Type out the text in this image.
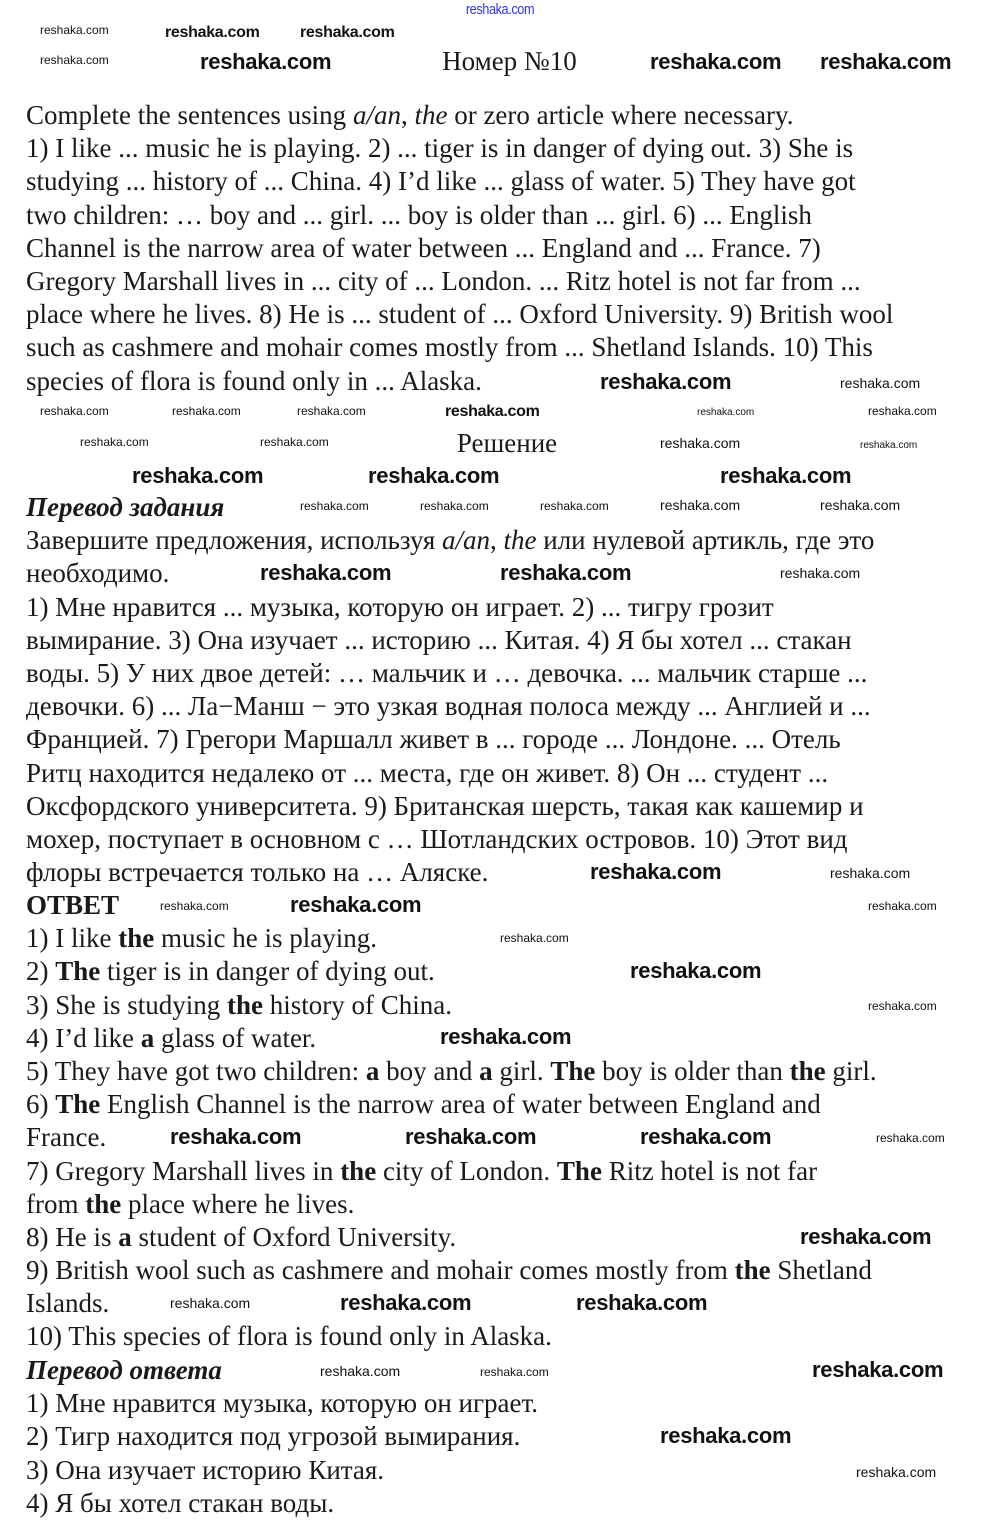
reshaka.com
Номер №10
Complete the sentences using a/an, the or zero article where necessary.
1) I like ... music he is playing. 2) ... tiger is in danger of dying out. 3) She is
studying ... history of ... China. 4) I’d like ... glass of water. 5) They have got
two children: … boy and ... girl. ... boy is older than ... girl. 6) ... English
Channel is the narrow area of water between ... England and ... France. 7)
Gregory Marshall lives in ... city of ... London. ... Ritz hotel is not far from ...
place where he lives. 8) He is ... student of ... Oxford University. 9) British wool
such as cashmere and mohair comes mostly from ... Shetland Islands. 10) This
species of flora is found only in ... Alaska.
Решение
Перевод задания
Завершите предложения, используя a/an, the или нулевой артикль, где это
необходимо.
1) Мне нравится ... музыка, которую он играет. 2) ... тигру грозит
вымирание. 3) Она изучает ... историю ... Китая. 4) Я бы хотел ... стакан
воды. 5) У них двое детей: … мальчик и … девочка. ... мальчик старше ...
девочки. 6) ... Ла−Манш − это узкая водная полоса между ... Англией и ...
Францией. 7) Грегори Маршалл живет в ... городе ... Лондоне. ... Отель
Ритц находится недалеко от ... места, где он живет. 8) Он ... студент ...
Оксфордского университета. 9) Британская шерсть, такая как кашемир и
мохер, поступает в основном с … Шотландских островов. 10) Этот вид
флоры встречается только на … Аляске.
ОТВЕТ
1) I like the music he is playing.
2) The tiger is in danger of dying out.
3) She is studying the history of China.
4) I’d like a glass of water.
5) They have got two children: a boy and a girl. The boy is older than the girl.
6) The English Channel is the narrow area of water between England and
France.
7) Gregory Marshall lives in the city of London. The Ritz hotel is not far
from the place where he lives.
8) He is a student of Oxford University.
9) British wool such as cashmere and mohair comes mostly from the Shetland
Islands.
10) This species of flora is found only in Alaska.
Перевод ответа
1) Мне нравится музыка, которую он играет.
2) Тигр находится под угрозой вымирания.
3) Она изучает историю Китая.
4) Я бы хотел стакан воды.
reshaka.com	reshaka.com	reshaka.com reshaka.com
reshaka.com
reshaka.com	reshaka.com	reshaka.com	reshaka.com	reshaka.com	reshaka.com
reshaka.com	reshaka.com
reshaka.com	reshaka.com
reshaka.com	reshaka.com	reshaka.com
reshaka.com	reshaka.com
reshaka.com
reshaka.com
reshaka.com	reshaka.com	reshaka.com	reshaka.com
reshaka.com
reshaka.com	reshaka.com	reshaka.com
reshaka.com	reshaka.com
reshaka.com	reshaka.com	reshaka.com
reshaka.com
reshaka.com
reshaka.com
reshaka.com
reshaka.com
reshaka.com	reshaka.com
reshaka.com
reshaka.com
reshaka.com	reshaka.com	reshaka.com
reshaka.com
reshaka.com	reshaka.com
reshaka.com
reshaka.com
